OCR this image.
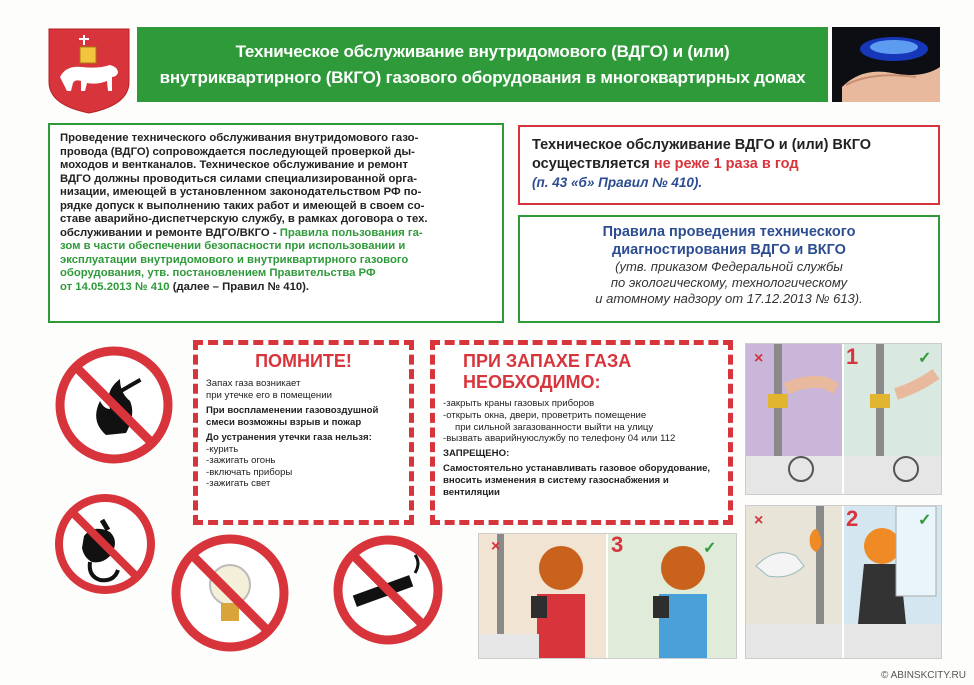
Техническое обслуживание внутридомового (ВДГО) и (или)
внутриквартирного (ВКГО) газового оборудования в многоквартирных домах

Проведение технического обслуживания внутридомового газо-
провода (ВДГО) сопровождается последующей проверкой ды-
моходов и вентканалов. Техническое обслуживание и ремонт
ВДГО должны проводиться силами специализированной орга-
низации, имеющей в установленном законодательством РФ по-
рядке допуск к выполнению таких работ и имеющей в своем со-
ставе аварийно-диспетчерскую службу, в рамках договора о тех.
обслуживании и ремонте ВДГО/ВКГО - Правила пользования га-
зом в части обеспечении безопасности при использовании и
эксплуатации внутридомового и внутриквартирного газового
оборудования, утв. постановлением Правительства РФ
от 14.05.2013 № 410 (далее – Правил № 410).

Техническое обслуживание ВДГО и (или) ВКГО
осуществляется не реже 1 раза в год
(п. 43 «б» Правил № 410).
Правила проведения технического
диагностирования ВДГО и ВКГО
(утв. приказом Федеральной службы
по экологическому, технологическому
и атомному надзору от 17.12.2013 № 613).
ПОМНИТЕ!
Запах газа возникает
при утечке его в помещении
При воспламенении газовоздушной
смеси возможны взрыв и пожар
До устранения утечки газа нельзя:
-курить
-зажигать огонь
-включать приборы
-зажигать свет
ПРИ ЗАПАХЕ ГАЗА
НЕОБХОДИМО:
-закрыть краны газовых приборов
-открыть окна, двери, проветрить помещение
при сильной загазованности выйти на улицу
-вызвать аварийнуюслужбу по телефону 04 или 112
ЗАПРЕЩЕНО:
Самостоятельно устанавливать газовое оборудование,
вносить изменения в систему газоснабжения и
вентиляции
×	1	✓
×	2	✓
×	3	✓
© ABINSKCITY.RU
